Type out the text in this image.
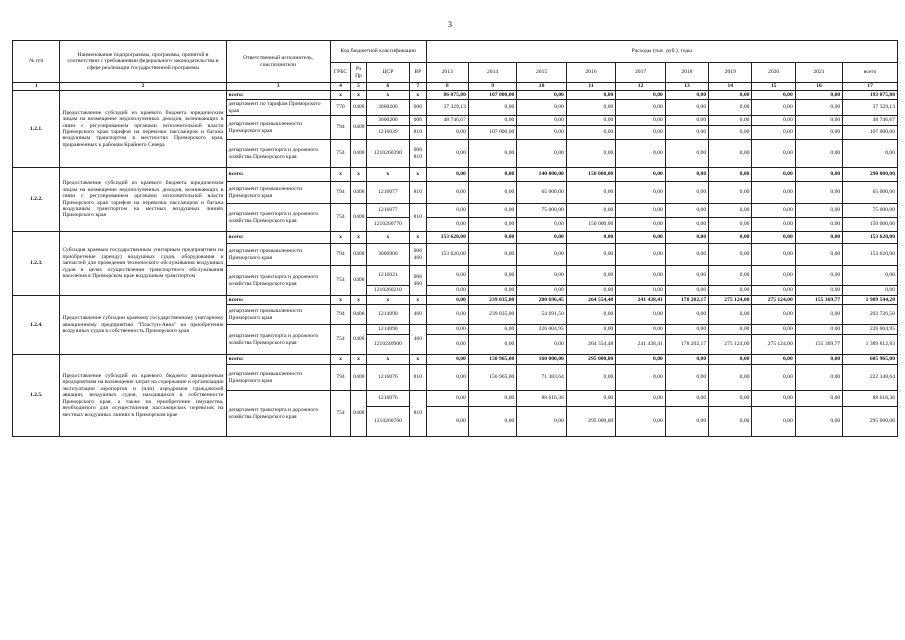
3
№ п/п	Наименование подпрограммы, программы, принятой в соответствии с требованиями федерального законодательства в сфере реализации государственной программы	Ответственный исполнитель, соисполнители	Код бюджетной классификации				Расходы (тыс. руб.), годы									
			ГРБС	Рз Пр	ЦСР	ВР	2013	2014	2015	2016	2017	2018	2019	2020	2021	всего
1	2	3	4	5	6	7	8	9	10	11	12	13	14	15	16	17
1.2.1.	Предоставление субсидий из краевого бюджета юридическим лицам на возмещение недополученных доходов, возникающих в связи с регулированием органами исполнительной власти Приморского края тарифов на перевозки пассажиров и багажа воздушным транспортом в местностях Приморского края, приравненных к районам Крайнего Севера	всего:	х	х	х	х	86 075,80	107 000,00	0,00	0,00	0,00	0,00	0,00	0,00	0,00	193 075,80
		департамент по тарифам Приморского края	770	0408	3000200	006	37 329,13	0,00	0,00	0,00	0,00	0,00	0,00	0,00	0,00	37 329,13
		департамент промышленности Приморского края	794	0408	3000200	006	48 746,67	0,00	0,00	0,00	0,00	0,00	0,00	0,00	0,00	48 746,67
					1216039	810	0,00	107 000,00	0,00	0,00	0,00	0,00	0,00	0,00	0,00	107 000,00
		департамент транспорта и дорожного хозяйства Приморского края	754	0408	1210260390	006 810	0,00	0,00	0,00	0,00	0,00	0,00	0,00	0,00	0,00	0,00
1.2.2.	Предоставление субсидий из краевого бюджета юридическим лицам на возмещение недополученных доходов, возникающих в связи с регулированием органами исполнительной власти Приморского края тарифов на перевозки пассажиров и багажа воздушным транспортом на местных воздушных линиях Приморского края	всего:	х	х	х	х	0,00	0,00	140 000,00	150 000,00	0,00	0,00	0,00	0,00	0,00	290 000,00
		департамент промышленности Приморского края	794	0408	1216077	810	0,00	0,00	65 000,00	0,00	0,00	0,00	0,00	0,00	0,00	65 000,00
		департамент транспорта и дорожного хозяйства Приморского края	754	0408	1216077	810	0,00	0,00	75 000,00	0,00	0,00	0,00	0,00	0,00	0,00	75 000,00
					1210260770		0,00	0,00	0,00	150 000,00	0,00	0,00	0,00	0,00	0,00	150 000,00
1.2.3.	Субсидия краевым государственным унитарным предприятиям на приобретение (аренду) воздушных судов, оборудования и запчастей для проведения технического обслуживания воздушных судов в целях осуществления транспортного обслуживания населения в Приморском крае воздушным транспортом	всего:	х	х	х	х	153 620,00	0,00	0,00	0,00	0,00	0,00	0,00	0,00	0,00	153 620,00
		департамент промышленности Приморского края	794	0408	3000900	006 460	153 620,00	0,00	0,00	0,00	0,00	0,00	0,00	0,00	0,00	153 620,00
		департамент транспорта и дорожного хозяйства Приморского края	754	0408	1216021	006 460	0,00	0,00	0,00	0,00	0,00	0,00	0,00	0,00	0,00	0,00
					1210260210		0,00	0,00	0,00	0,00	0,00	0,00	0,00	0,00	0,00	0,00
1.2.4.	Предоставление субсидии краевому государственному унитарному авиационному предприятию "Пластун-Авиа" на приобретение воздушных судов в собственность Приморского края	всего:	х	х	х	х	0,00	239 035,00	280 696,45	264 554,48	241 438,41	178 202,17	275 124,00	275 124,00	155 369,77	1 909 544,28
		департамент промышленности Приморского края	794	0408	1214090	460	0,00	239 035,00	54 691,50	0,00	0,00	0,00	0,00	0,00	0,00	293 726,50
		департамент транспорта и дорожного хозяйства Приморского края	754	0408	1214090	460	0,00	0,00	226 004,95	0,00	0,00	0,00	0,00	0,00	0,00	226 004,95
					1210240900		0,00	0,00	0,00	264 554,48	241 438,41	178 202,17	275 124,00	275 124,00	155 369,77	1 389 812,83
1.2.5.	Предоставление субсидий из краевого бюджета авиационным предприятиям на возмещение затрат на содержание и организацию эксплуатации аэропортов и (или) аэродромов гражданской авиации, воздушных судов, находящихся в собственности Приморского края, а также на приобретение имущества, необходимого для осуществления пассажирских перевозок на местных воздушных линиях в Приморском крае	всего:	х	х	х	х	0,00	150 965,00	160 000,00	295 000,00	0,00	0,00	0,00	0,00	0,00	605 965,00
		департамент промышленности Приморского края	794	0408	1216076	810	0,00	150 965,00	71 383,64	0,00	0,00	0,00	0,00	0,00	0,00	222 348,64
		департамент транспорта и дорожного хозяйства Приморского края	754	0408	1216076	810	0,00	0,00	88 616,36	0,00	0,00	0,00	0,00	0,00	0,00	88 616,36
					1210260760		0,00	0,00	0,00	295 000,00	0,00	0,00	0,00	0,00	0,00	295 000,00
